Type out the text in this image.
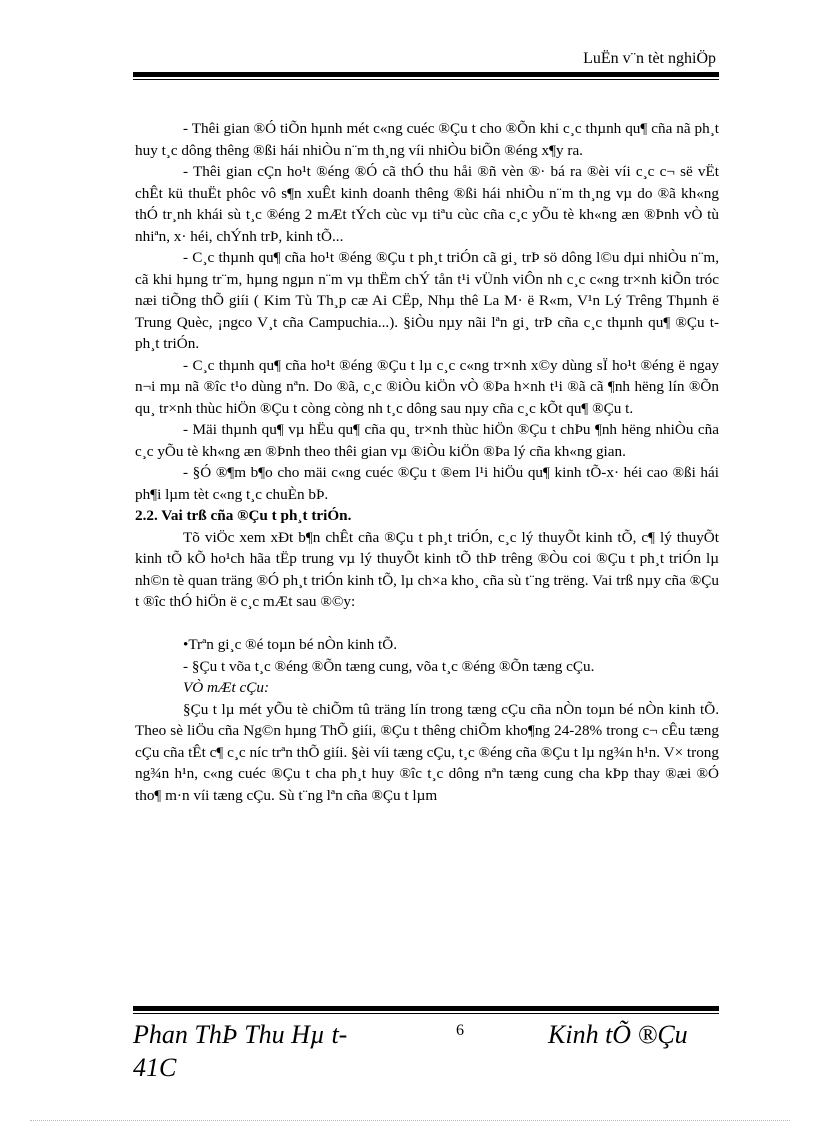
LuËn v¨n tèt nghiÖp

- Thêi gian ®Ó tiÕn hµnh mét c«ng cuéc ®Çu t cho ®Õn khi c¸c thµnh qu¶ cña nã ph¸t huy t¸c dông thêng ®ßi hái nhiÒu n¨m th¸ng víi nhiÒu biÕn ®éng x¶y ra.

- Thêi gian cÇn ho¹t ®éng ®Ó cã thÓ thu håi ®ñ vèn ®· bá ra ®èi víi c¸c c¬ së vËt chÊt kü thuËt phôc vô s¶n xuÊt kinh doanh thêng ®ßi hái nhiÒu n¨m th¸ng vµ do ®ã kh«ng thÓ tr¸nh khái sù t¸c ®éng 2 mÆt tÝch cùc vµ tiªu cùc cña c¸c yÕu tè kh«ng æn ®Þnh vÒ tù nhiªn, x· héi, chÝnh trÞ, kinh tÕ...

- C¸c thµnh qu¶ cña ho¹t ®éng ®Çu t ph¸t triÓn cã gi¸ trÞ sö dông l©u dµi nhiÒu n¨m, cã khi hµng tr¨m, hµng ngµn n¨m vµ thËm chÝ tån t¹i vÜnh viÔn nh c¸c c«ng tr×nh kiÕn tróc næi tiÕng thÕ giíi ( Kim Tù Th¸p cæ Ai CËp, Nhµ thê La M· ë R«m, V¹n Lý Trêng Thµnh ë Trung Quèc, ¡ngco V¸t cña Campuchia...). §iÒu nµy nãi lªn gi¸ trÞ cña c¸c thµnh qu¶ ®Çu t ph¸t triÓn.

- C¸c thµnh qu¶ cña ho¹t ®éng ®Çu t lµ c¸c c«ng tr×nh x©y dùng sÏ ho¹t ®éng ë ngay n¬i mµ nã ®îc t¹o dùng nªn. Do ®ã, c¸c ®iÒu kiÖn vÒ ®Þa h×nh t¹i ®ã cã ¶nh hëng lín ®Õn qu¸ tr×nh thùc hiÖn ®Çu t còng còng nh t¸c dông sau nµy cña c¸c kÕt qu¶ ®Çu t.

- Mäi thµnh qu¶ vµ hËu qu¶ cña qu¸ tr×nh thùc hiÖn ®Çu t chÞu ¶nh hëng nhiÒu cña c¸c yÕu tè kh«ng æn ®Þnh theo thêi gian vµ ®iÒu kiÖn ®Þa lý cña kh«ng gian.

- §Ó ®¶m b¶o cho mäi c«ng cuéc ®Çu t ®em l¹i hiÖu qu¶ kinh tÕ-x· héi cao ®ßi hái ph¶i lµm tèt c«ng t¸c chuÈn bÞ.

2.2. Vai trß cña ®Çu t ph¸t triÓn.

Tõ viÖc xem xÐt b¶n chÊt cña ®Çu t ph¸t triÓn, c¸c lý thuyÕt kinh tÕ, c¶ lý thuyÕt kinh tÕ kÕ ho¹ch hãa tËp trung vµ lý thuyÕt kinh tÕ thÞ trêng ®Òu coi ®Çu t ph¸t triÓn lµ nh©n tè quan träng ®Ó ph¸t triÓn kinh tÕ, lµ ch×a kho¸ cña sù t¨ng trëng. Vai trß nµy cña ®Çu t ®îc thÓ hiÖn ë c¸c mÆt sau ®©y:

•Trªn gi¸c ®é toµn bé nÒn kinh tÕ.

- §Çu t võa t¸c ®éng ®Õn tæng cung, võa t¸c ®éng ®Õn tæng cÇu.

VÒ mÆt cÇu:

§Çu t lµ mét yÕu tè chiÕm tû träng lín trong tæng cÇu cña nÒn toµn bé nÒn kinh tÕ. Theo sè liÖu cña Ng©n hµng ThÕ giíi, ®Çu t thêng chiÕm kho¶ng 24-28% trong c¬ cÊu tæng cÇu cña tÊt c¶ c¸c níc trªn thÕ giíi. §èi víi tæng cÇu, t¸c ®éng cña ®Çu t lµ ng¾n h¹n. V× trong ng¾n h¹n, c«ng cuéc ®Çu t cha ph¸t huy ®îc t¸c dông nªn tæng cung cha kÞp thay ®æi ®Ó tho¶ m·n víi tæng cÇu. Sù t¨ng lªn cña ®Çu t lµm

Phan ThÞ Thu Hµ t-41C
6	Kinh tÕ ®Çu
